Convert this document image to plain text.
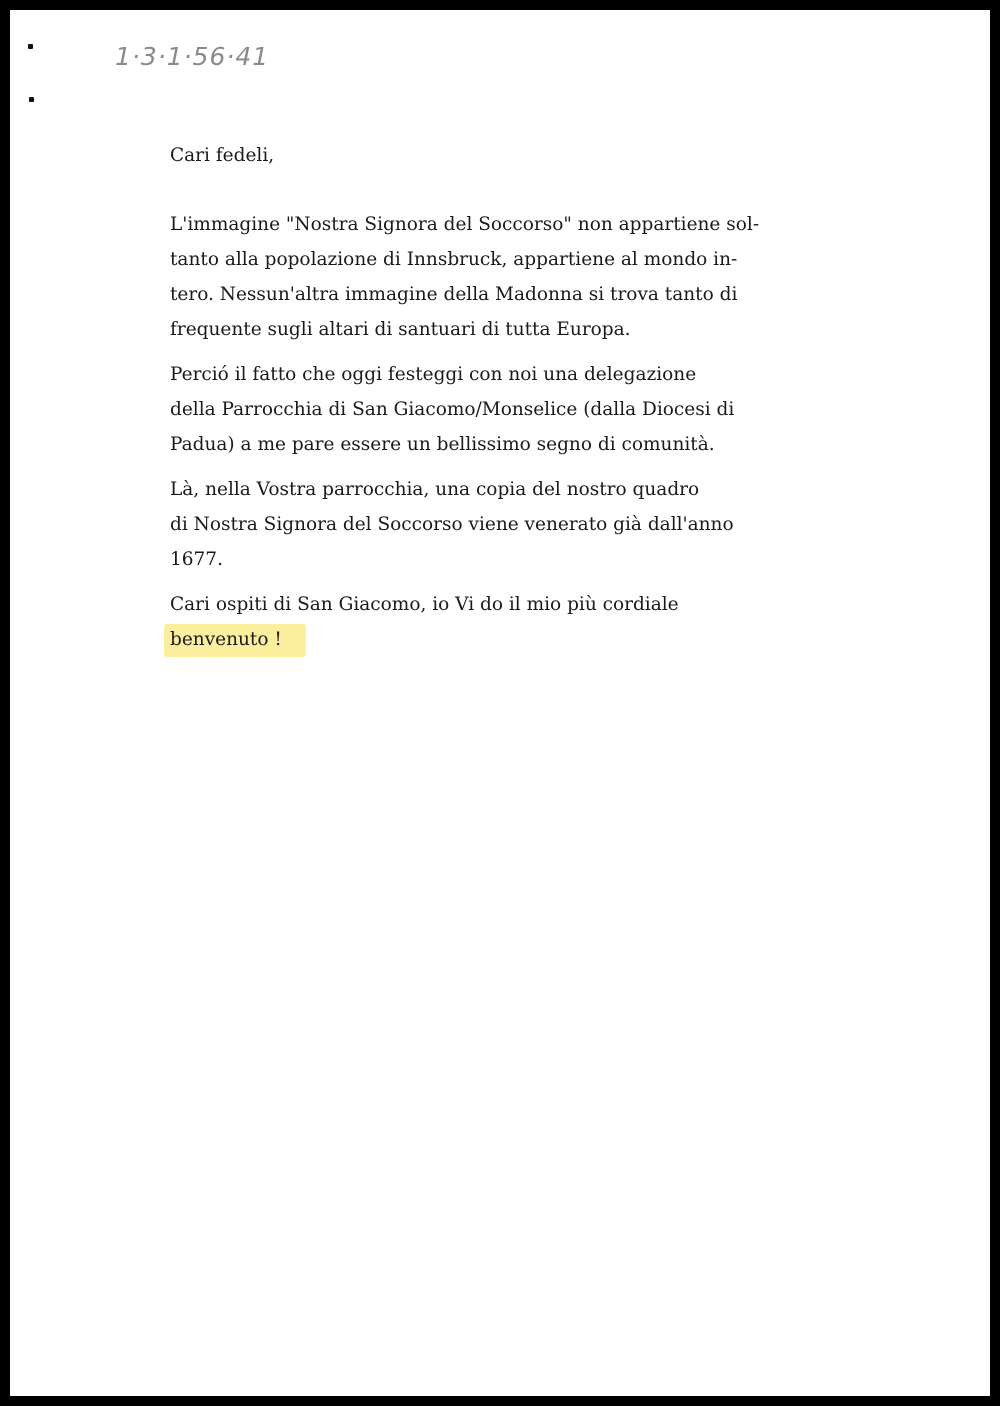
1·3·1·56·41

Cari fedeli,

L'immagine "Nostra Signora del Soccorso" non appartiene sol-
tanto alla popolazione di Innsbruck, appartiene al mondo in-
tero. Nessun'altra immagine della Madonna si trova tanto di
frequente sugli altari di santuari di tutta Europa.

Perció il fatto che oggi festeggi con noi una delegazione
della Parrocchia di San Giacomo/Monselice (dalla Diocesi di
Padua) a me pare essere un bellissimo segno di comunità.

Là, nella Vostra parrocchia, una copia del nostro quadro
di Nostra Signora del Soccorso viene venerato già dall'anno
1677.

Cari ospiti di San Giacomo, io Vi do il mio più cordiale
benvenuto !
